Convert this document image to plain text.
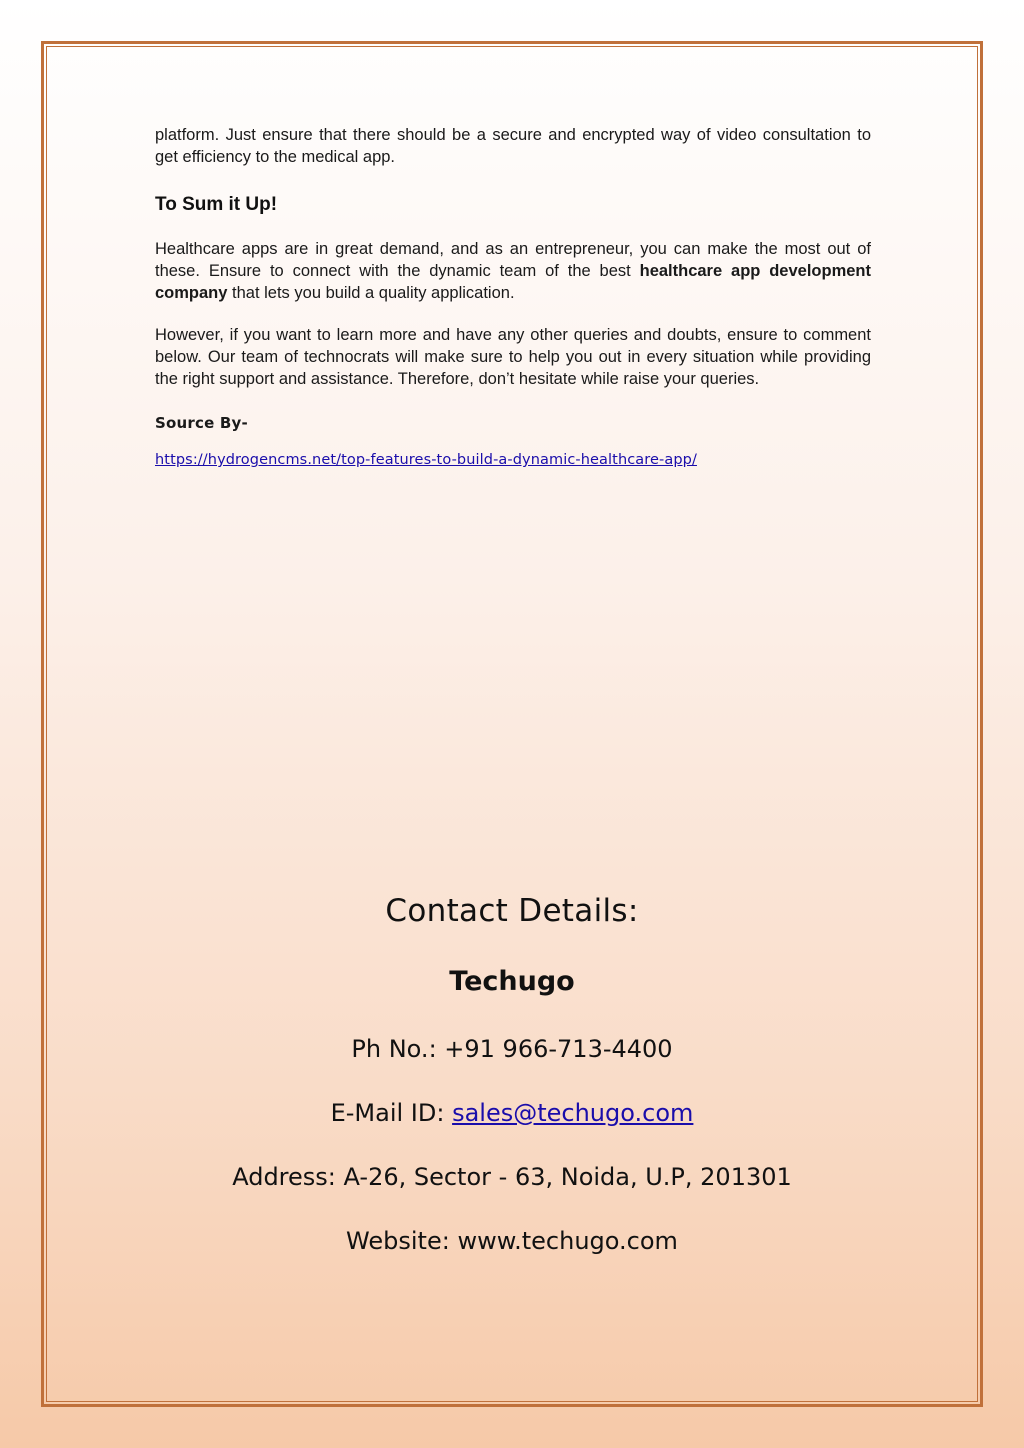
platform. Just ensure that there should be a secure and encrypted way of video consultation to get efficiency to the medical app.

To Sum it Up!

Healthcare apps are in great demand, and as an entrepreneur, you can make the most out of these. Ensure to connect with the dynamic team of the best healthcare app development company that lets you build a quality application.

However, if you want to learn more and have any other queries and doubts, ensure to comment below. Our team of technocrats will make sure to help you out in every situation while providing the right support and assistance. Therefore, don’t hesitate while raise your queries.

Source By-
https://hydrogencms.net/top-features-to-build-a-dynamic-healthcare-app/
Contact Details:
Techugo
Ph No.: +91 966-713-4400
E-Mail ID: sales@techugo.com
Address: A-26, Sector - 63, Noida, U.P, 201301
Website: www.techugo.com
